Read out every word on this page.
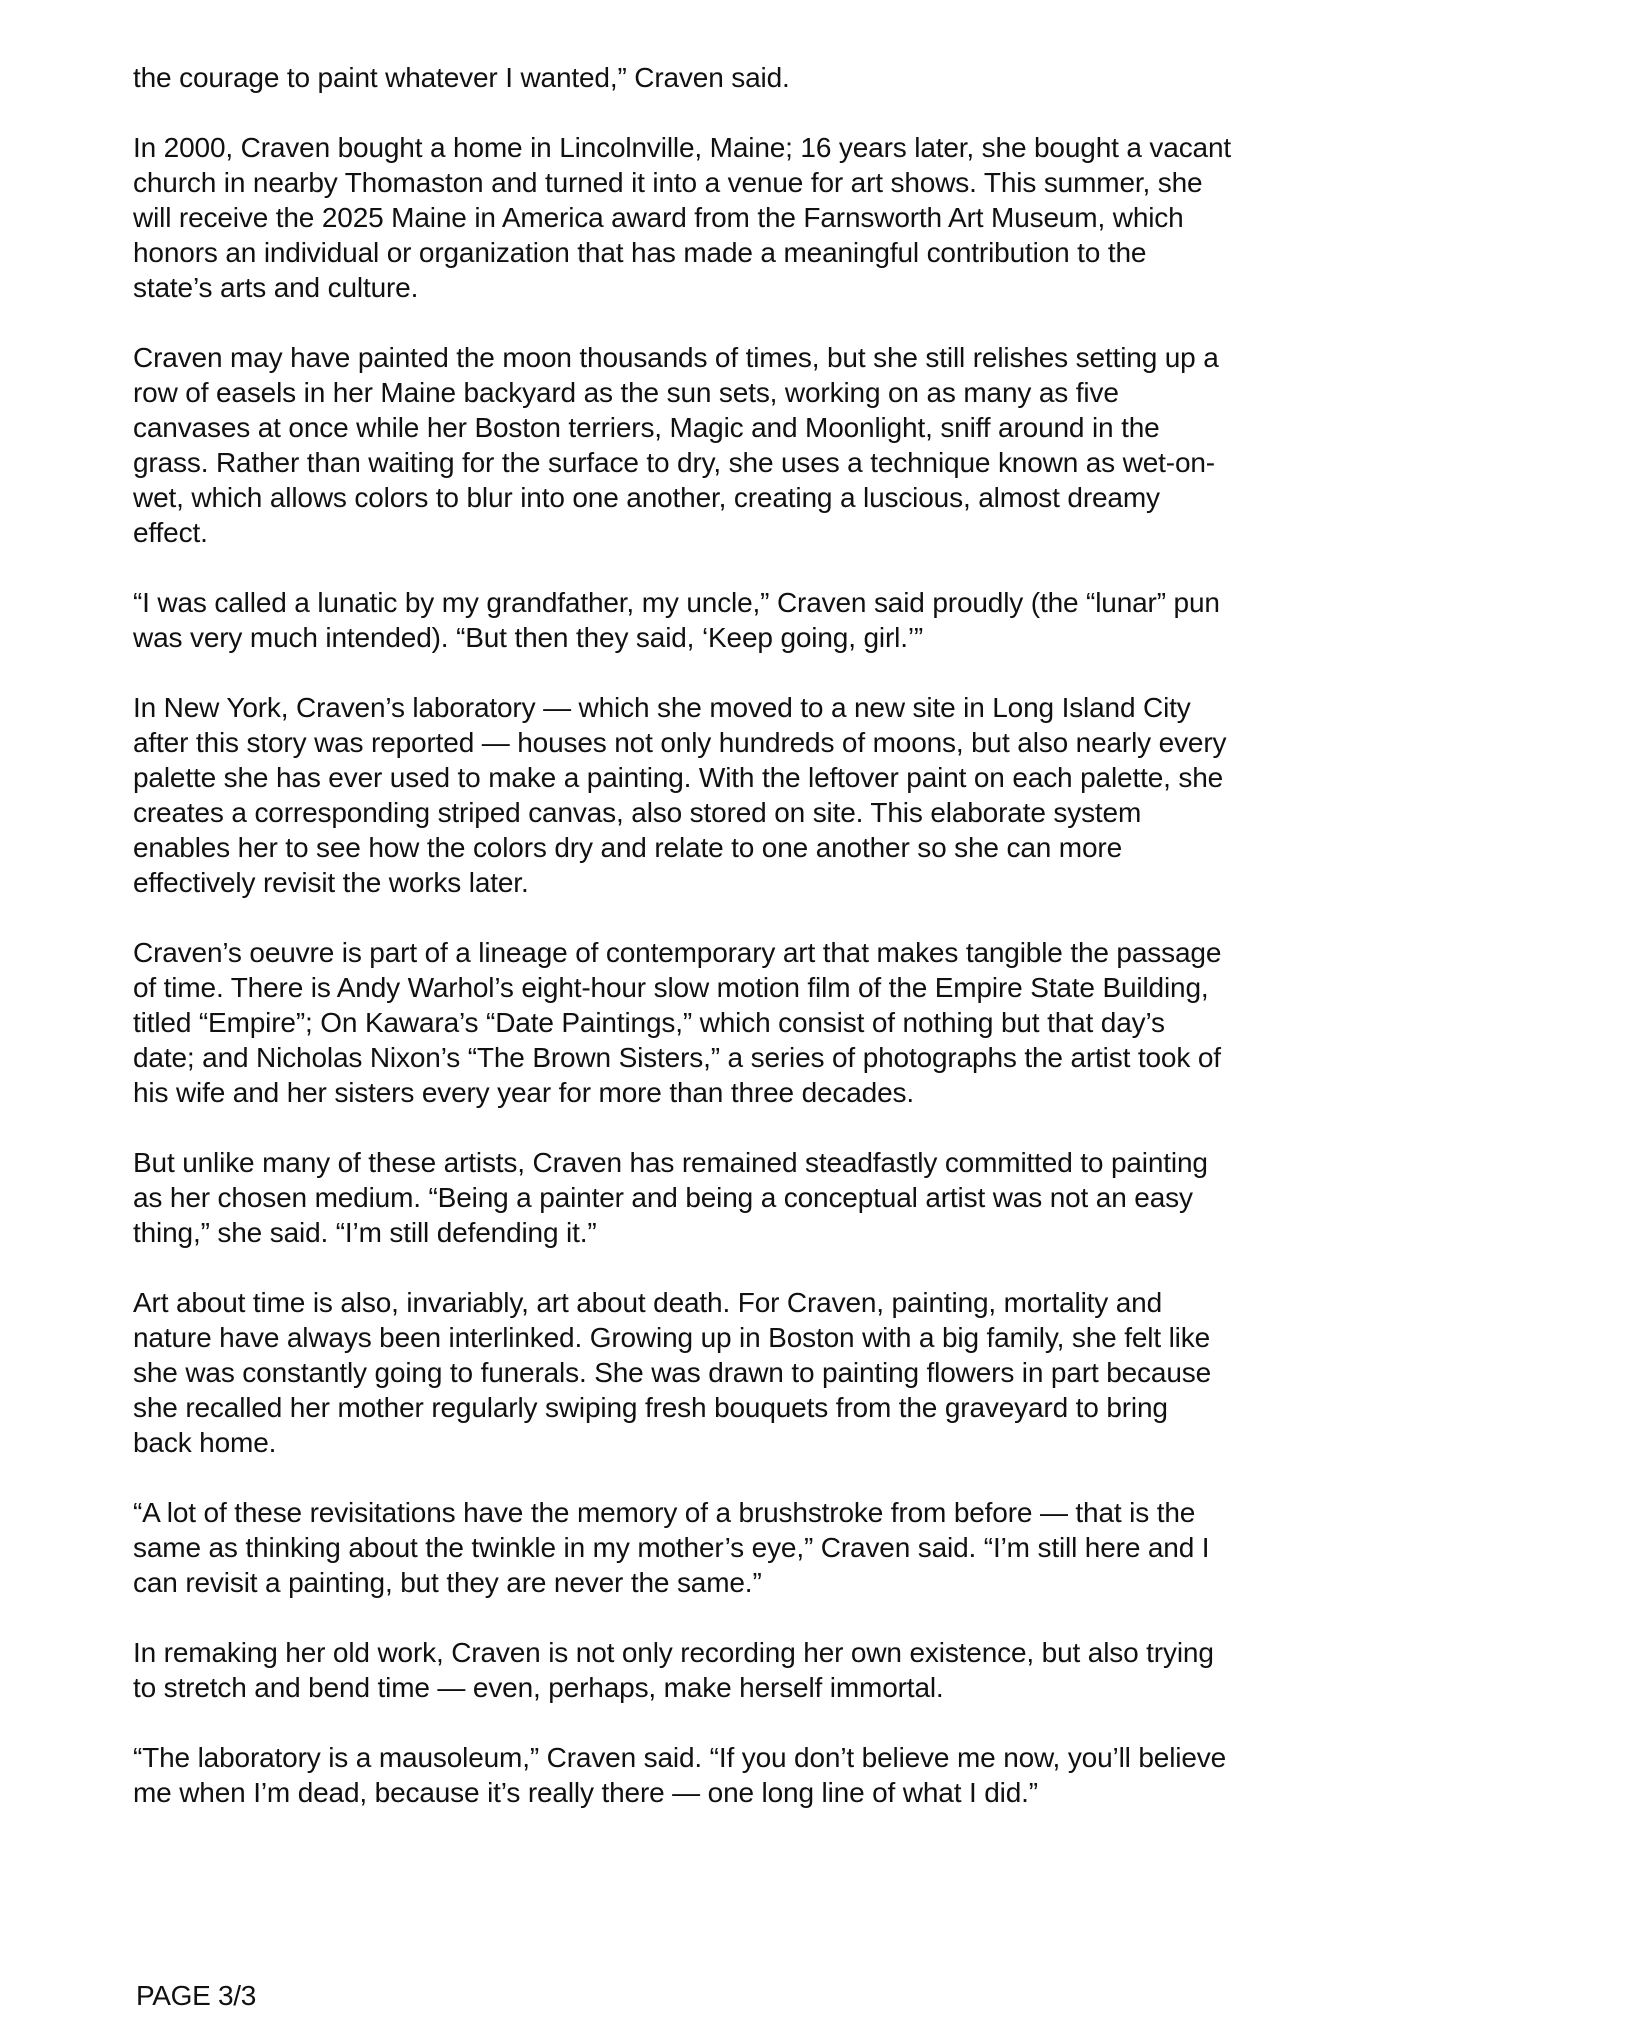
the courage to paint whatever I wanted,” Craven said.

In 2000, Craven bought a home in Lincolnville, Maine; 16 years later, she bought a vacant church in nearby Thomaston and turned it into a venue for art shows. This summer, she will receive the 2025 Maine in America award from the Farnsworth Art Museum, which honors an individual or organization that has made a meaningful contribution to the state’s arts and culture.

Craven may have painted the moon thousands of times, but she still relishes setting up a row of easels in her Maine backyard as the sun sets, working on as many as five canvases at once while her Boston terriers, Magic and Moonlight, sniff around in the grass. Rather than waiting for the surface to dry, she uses a technique known as wet-on-wet, which allows colors to blur into one another, creating a luscious, almost dreamy effect.

“I was called a lunatic by my grandfather, my uncle,” Craven said proudly (the “lunar” pun was very much intended). “But then they said, ‘Keep going, girl.’”

In New York, Craven’s laboratory — which she moved to a new site in Long Island City after this story was reported — houses not only hundreds of moons, but also nearly every palette she has ever used to make a painting. With the leftover paint on each palette, she creates a corresponding striped canvas, also stored on site. This elaborate system enables her to see how the colors dry and relate to one another so she can more effectively revisit the works later.

Craven’s oeuvre is part of a lineage of contemporary art that makes tangible the passage of time. There is Andy Warhol’s eight-hour slow motion film of the Empire State Building, titled “Empire”; On Kawara’s “Date Paintings,” which consist of nothing but that day’s date; and Nicholas Nixon’s “The Brown Sisters,” a series of photographs the artist took of his wife and her sisters every year for more than three decades.

But unlike many of these artists, Craven has remained steadfastly committed to painting as her chosen medium. “Being a painter and being a conceptual artist was not an easy thing,” she said. “I’m still defending it.”

Art about time is also, invariably, art about death. For Craven, painting, mortality and nature have always been interlinked. Growing up in Boston with a big family, she felt like she was constantly going to funerals. She was drawn to painting flowers in part because she recalled her mother regularly swiping fresh bouquets from the graveyard to bring back home.

“A lot of these revisitations have the memory of a brushstroke from before — that is the same as thinking about the twinkle in my mother’s eye,” Craven said. “I’m still here and I can revisit a painting, but they are never the same.”

In remaking her old work, Craven is not only recording her own existence, but also trying to stretch and bend time — even, perhaps, make herself immortal.

“The laboratory is a mausoleum,” Craven said. “If you don’t believe me now, you’ll believe me when I’m dead, because it’s really there — one long line of what I did.”

PAGE 3/3
